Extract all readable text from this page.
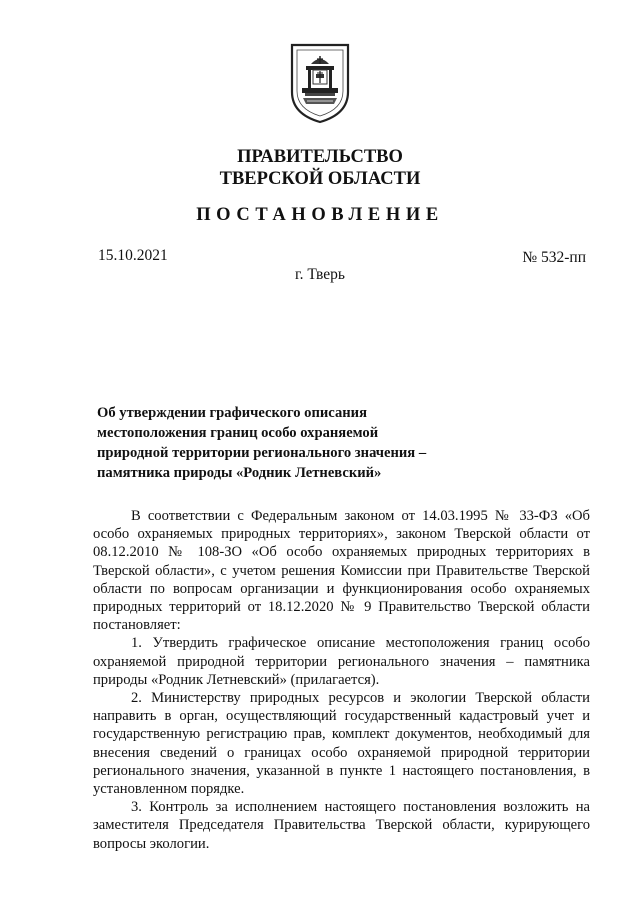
ПРАВИТЕЛЬСТВО
ТВЕРСКОЙ ОБЛАСТИ
ПОСТАНОВЛЕНИЕ
15.10.2021	№ 532-пп
г. Тверь
Об утверждении графического описания
местоположения границ особо охраняемой
природной территории регионального значения –
памятника природы «Родник Летневский»

В соответствии с Федеральным законом от 14.03.1995 № 33-ФЗ «Об особо охраняемых природных территориях», законом Тверской области от 08.12.2010 № 108-ЗО «Об особо охраняемых природных территориях в Тверской области», с учетом решения Комиссии при Правительстве Тверской области по вопросам организации и функционирования особо охраняемых природных территорий от 18.12.2020 № 9 Правительство Тверской области постановляет:

1. Утвердить графическое описание местоположения границ особо охраняемой природной территории регионального значения – памятника природы «Родник Летневский» (прилагается).

2. Министерству природных ресурсов и экологии Тверской области направить в орган, осуществляющий государственный кадастровый учет и государственную регистрацию прав, комплект документов, необходимый для внесения сведений о границах особо охраняемой природной территории регионального значения, указанной в пункте 1 настоящего постановления, в установленном порядке.

3. Контроль за исполнением настоящего постановления возложить на заместителя Председателя Правительства Тверской области, курирующего вопросы экологии.
